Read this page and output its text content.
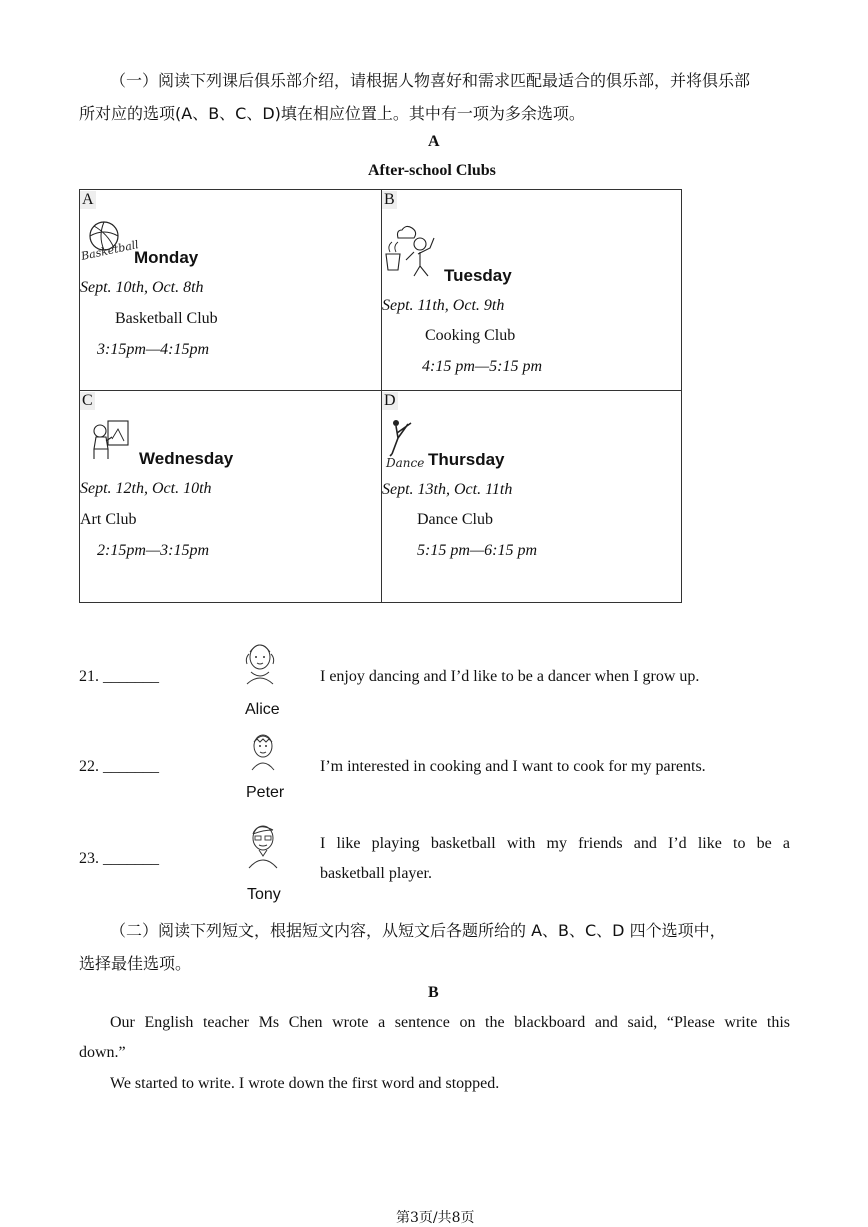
（一）阅读下列课后俱乐部介绍，请根据人物喜好和需求匹配最适合的俱乐部，并将俱乐部
所对应的选项(A、B、C、D)填在相应位置上。其中有一项为多余选项。
A
After-school Clubs
A
Basketball
Monday
Sept. 10th, Oct. 8th
Basketball Club
3:15pm—4:15pm
B
Tuesday
Sept. 11th, Oct. 9th
Cooking Club
4:15 pm—5:15 pm
C
Wednesday
Sept. 12th, Oct. 10th
Art Club
2:15pm—3:15pm
D
Dance Thursday
Sept. 13th, Oct. 11th
Dance Club
5:15 pm—6:15 pm
21. _______	I enjoy dancing and I’d like to be a dancer when I grow up.
Alice
22. _______	I’m interested in cooking and I want to cook for my parents.
Peter
23. _______
I like playing basketball with my friends and I’d like to be a
basketball player.
Tony
（二）阅读下列短文，根据短文内容，从短文后各题所给的 A、B、C、D 四个选项中，
选择最佳选项。
B
Our English teacher Ms Chen wrote a sentence on the blackboard and said, “Please write this
down.”
We started to write. I wrote down the first word and stopped.
第3页/共8页
